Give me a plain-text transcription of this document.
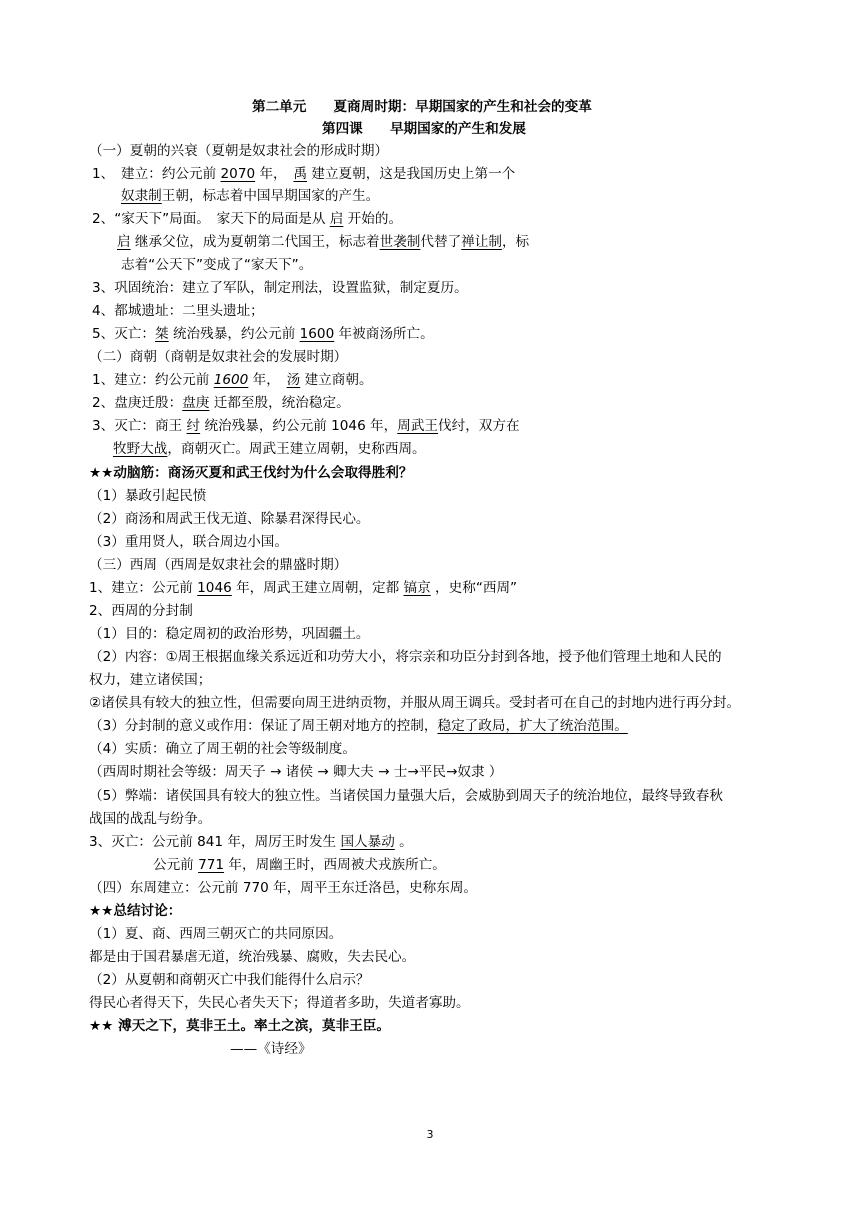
第二单元　　夏商周时期：早期国家的产生和社会的变革
第四课　　早期国家的产生和发展
（一）夏朝的兴衰（夏朝是奴隶社会的形成时期）
1、　建立：约公元前 2070 年，　禹 建立夏朝，这是我国历史上第一个
奴隶制王朝，标志着中国早期国家的产生。
2、“家天下”局面。　家天下的局面是从 启 开始的。
启 继承父位，成为夏朝第二代国王，标志着世袭制代替了禅让制，标
志着“公天下”变成了“家天下”。
3、巩固统治：建立了军队，制定刑法，设置监狱，制定夏历。
4、都城遗址：二里头遗址；
5、灭亡：桀 统治残暴，约公元前 1600 年被商汤所亡。
（二）商朝（商朝是奴隶社会的发展时期）
1、建立：约公元前 1600 年，　汤 建立商朝。
2、盘庚迁殷：盘庚 迁都至殷，统治稳定。
3、灭亡：商王 纣 统治残暴，约公元前 1046 年，周武王伐纣，双方在
牧野大战，商朝灭亡。周武王建立周朝，史称西周。
★★动脑筋：商汤灭夏和武王伐纣为什么会取得胜利？
（1）暴政引起民愤
（2）商汤和周武王伐无道、除暴君深得民心。
（3）重用贤人，联合周边小国。
（三）西周（西周是奴隶社会的鼎盛时期）
1、建立：公元前 1046 年，周武王建立周朝，定都 镐京 ，史称“西周”
2、西周的分封制
（1）目的：稳定周初的政治形势，巩固疆土。
（2）内容：①周王根据血缘关系远近和功劳大小，将宗亲和功臣分封到各地，授予他们管理土地和人民的
权力，建立诸侯国；
②诸侯具有较大的独立性，但需要向周王进纳贡物，并服从周王调兵。受封者可在自己的封地内进行再分封。
（3）分封制的意义或作用：保证了周王朝对地方的控制，稳定了政局，扩大了统治范围。
（4）实质：确立了周王朝的社会等级制度。
（西周时期社会等级：周天子 → 诸侯 → 卿大夫 → 士→平民→奴隶 ）
（5）弊端：诸侯国具有较大的独立性。当诸侯国力量强大后，会威胁到周天子的统治地位，最终导致春秋
战国的战乱与纷争。
3、灭亡：公元前 841 年，周厉王时发生 国人暴动 。
公元前 771 年，周幽王时，西周被犬戎族所亡。
（四）东周建立：公元前 770 年，周平王东迁洛邑，史称东周。
★★总结讨论：
（1）夏、商、西周三朝灭亡的共同原因。
都是由于国君暴虐无道，统治残暴、腐败，失去民心。
（2）从夏朝和商朝灭亡中我们能得什么启示？
得民心者得天下，失民心者失天下；得道者多助，失道者寡助。
★★ 溥天之下，莫非王土。率土之滨，莫非王臣。
——《诗经》
3
